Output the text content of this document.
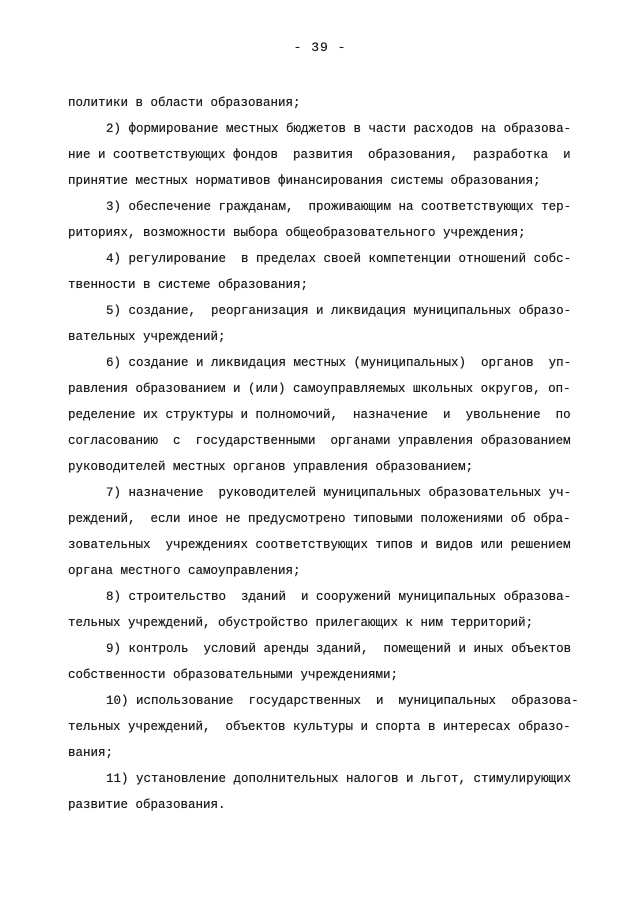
- 39 -
политики в области образования;
2) формирование местных бюджетов в части расходов на образова-
ние и соответствующих фондов  развития  образования,  разработка  и
принятие местных нормативов финансирования системы образования;
3) обеспечение гражданам,  проживающим на соответствующих тер-
риториях, возможности выбора общеобразовательного учреждения;
4) регулирование  в пределах своей компетенции отношений собс-
твенности в системе образования;
5) создание,  реорганизация и ликвидация муниципальных образо-
вательных учреждений;
6) создание и ликвидация местных (муниципальных)  органов  уп-
равления образованием и (или) самоуправляемых школьных округов, оп-
ределение их структуры и полномочий,  назначение  и  увольнение  по
согласованию  с  государственными  органами управления образованием
руководителей местных органов управления образованием;
7) назначение  руководителей муниципальных образовательных уч-
реждений,  если иное не предусмотрено типовыми положениями об обра-
зовательных  учреждениях соответствующих типов и видов или решением
органа местного самоуправления;
8) строительство  зданий  и сооружений муниципальных образова-
тельных учреждений, обустройство прилегающих к ним территорий;
9) контроль  условий аренды зданий,  помещений и иных объектов
собственности образовательными учреждениями;
10) использование  государственных  и  муниципальных  образова-
тельных учреждений,  объектов культуры и спорта в интересах образо-
вания;
11) установление дополнительных налогов и льгот, стимулирующих
развитие образования.
